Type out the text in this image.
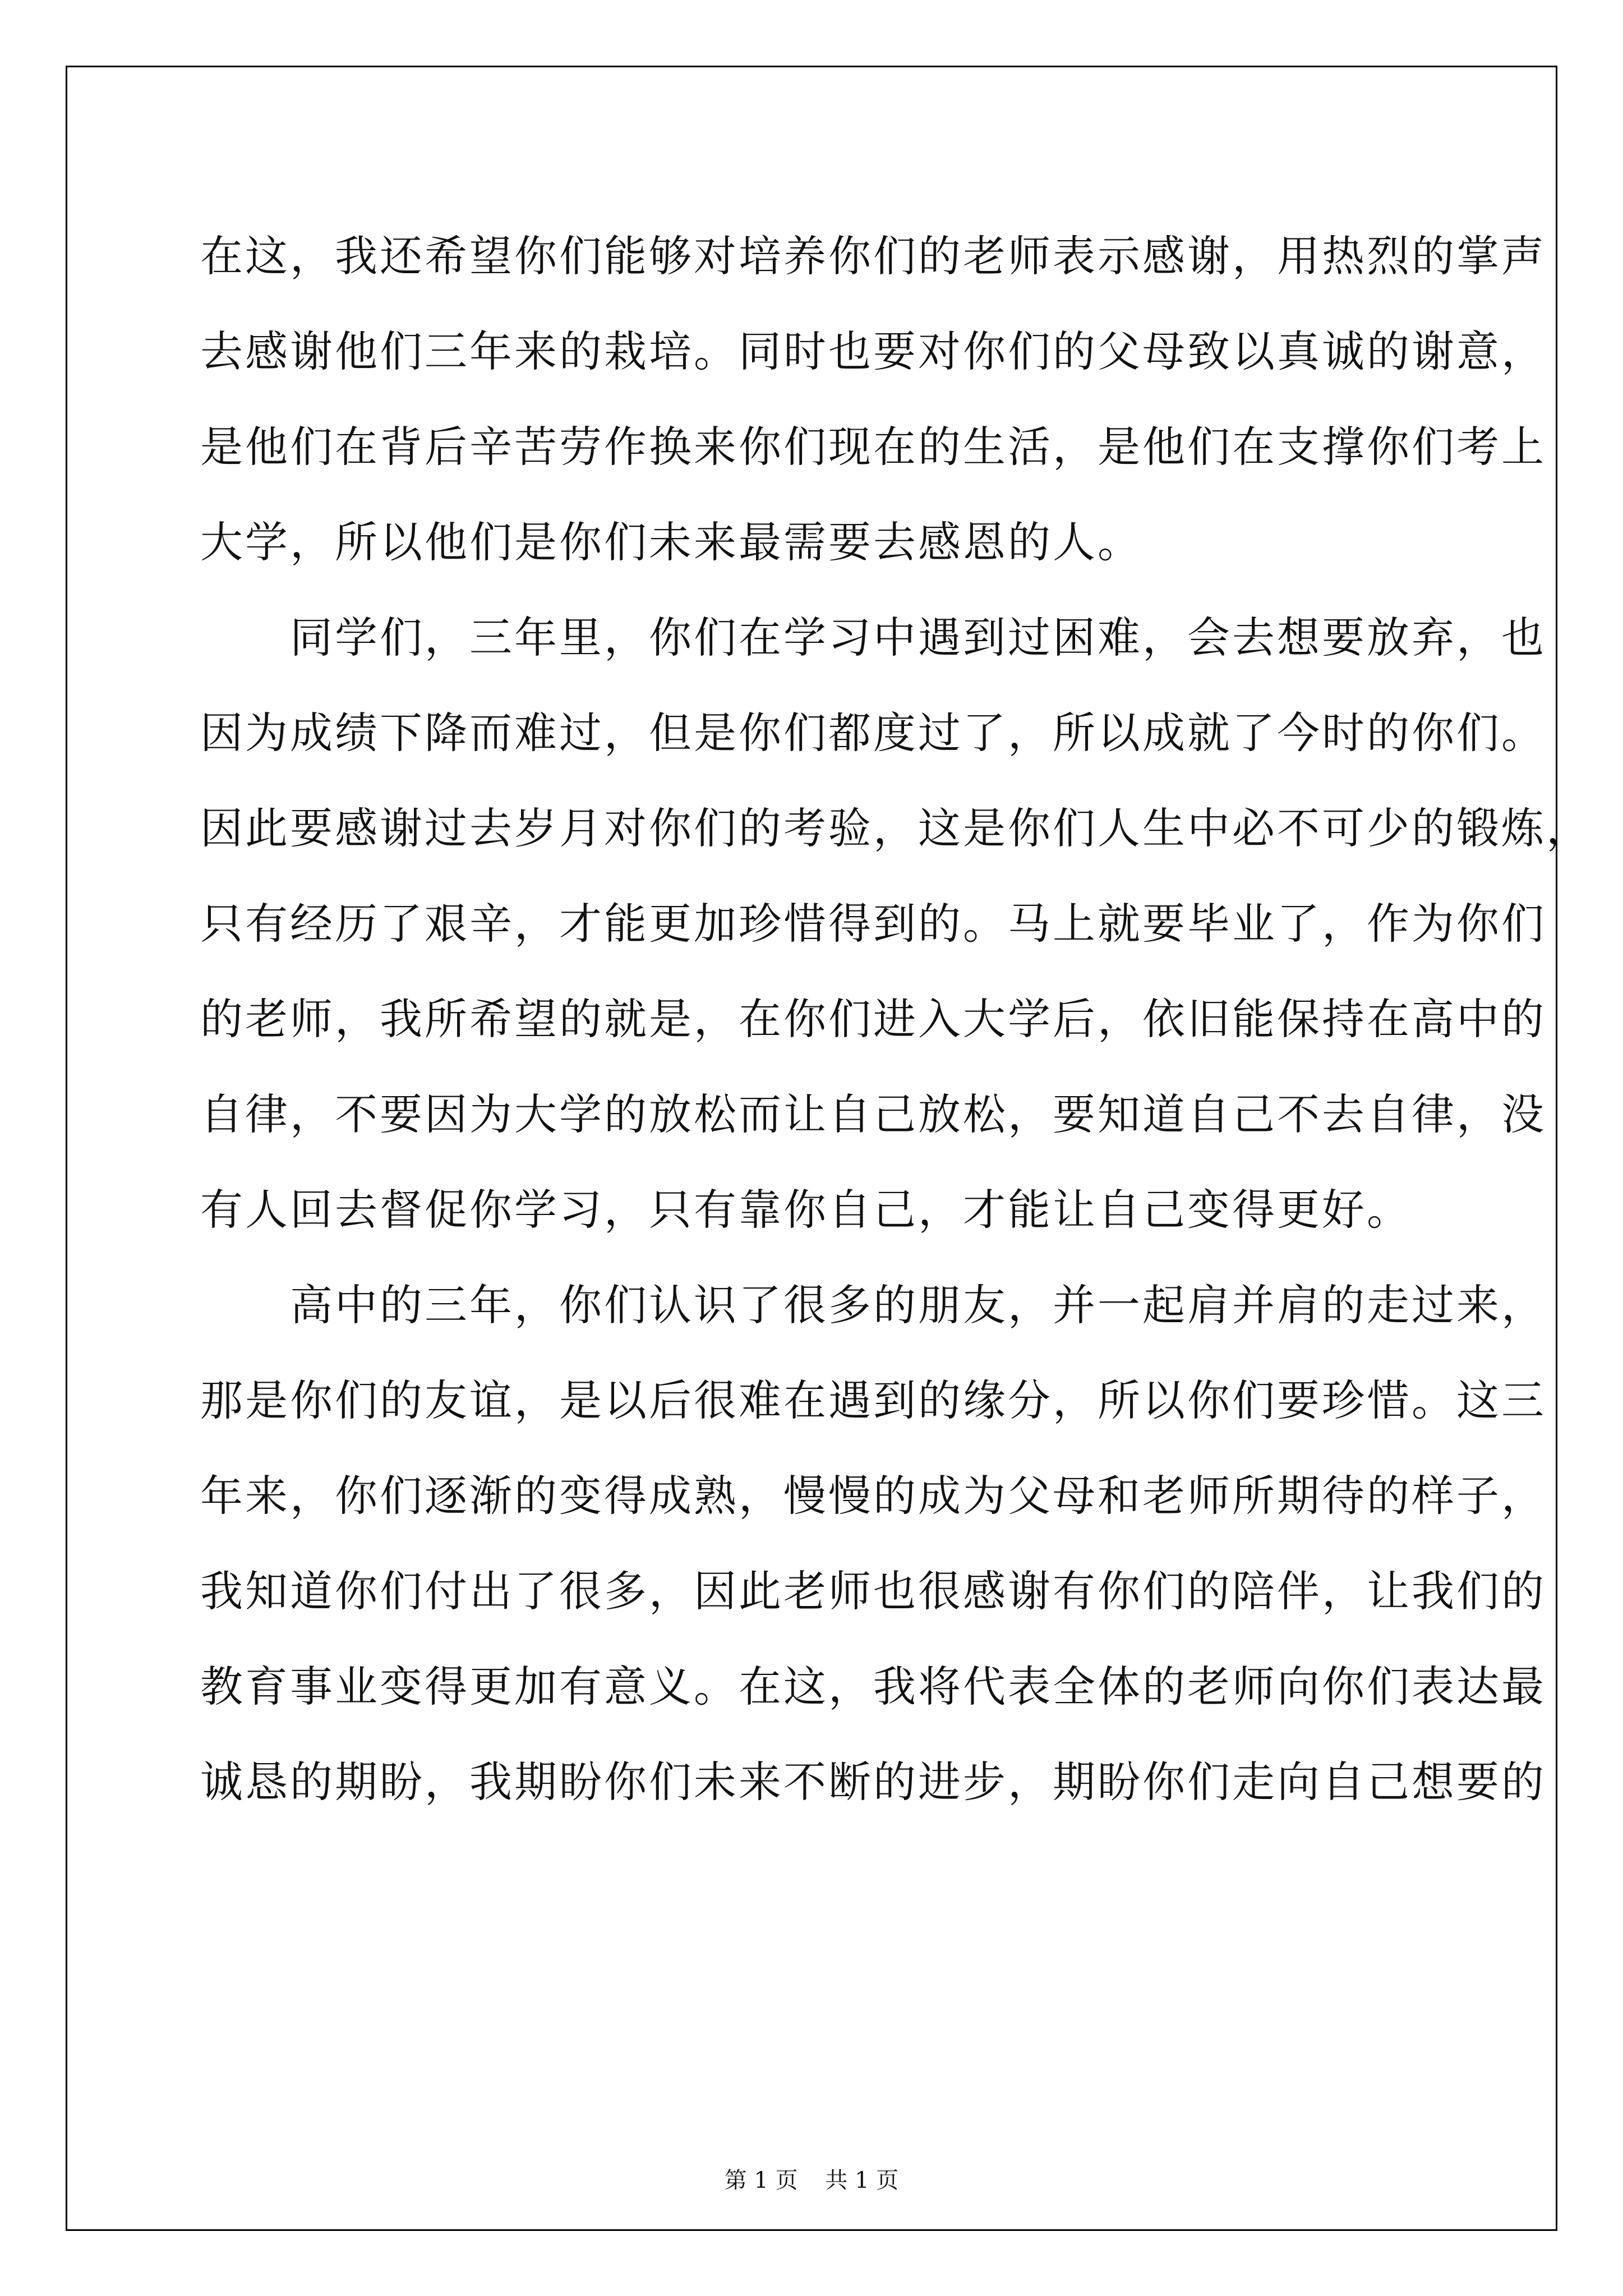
在这，我还希望你们能够对培养你们的老师表示感谢，用热烈的掌声
去感谢他们三年来的栽培。同时也要对你们的父母致以真诚的谢意，
是他们在背后辛苦劳作换来你们现在的生活，是他们在支撑你们考上
大学，所以他们是你们未来最需要去感恩的人。
　　同学们，三年里，你们在学习中遇到过困难，会去想要放弃，也
因为成绩下降而难过，但是你们都度过了，所以成就了今时的你们。
因此要感谢过去岁月对你们的考验，这是你们人生中必不可少的锻炼，
只有经历了艰辛，才能更加珍惜得到的。马上就要毕业了，作为你们
的老师，我所希望的就是，在你们进入大学后，依旧能保持在高中的
自律，不要因为大学的放松而让自己放松，要知道自己不去自律，没
有人回去督促你学习，只有靠你自己，才能让自己变得更好。
　　高中的三年，你们认识了很多的朋友，并一起肩并肩的走过来，
那是你们的友谊，是以后很难在遇到的缘分，所以你们要珍惜。这三
年来，你们逐渐的变得成熟，慢慢的成为父母和老师所期待的样子，
我知道你们付出了很多，因此老师也很感谢有你们的陪伴，让我们的
教育事业变得更加有意义。在这，我将代表全体的老师向你们表达最
诚恳的期盼，我期盼你们未来不断的进步，期盼你们走向自己想要的
第 1 页 共 1 页
